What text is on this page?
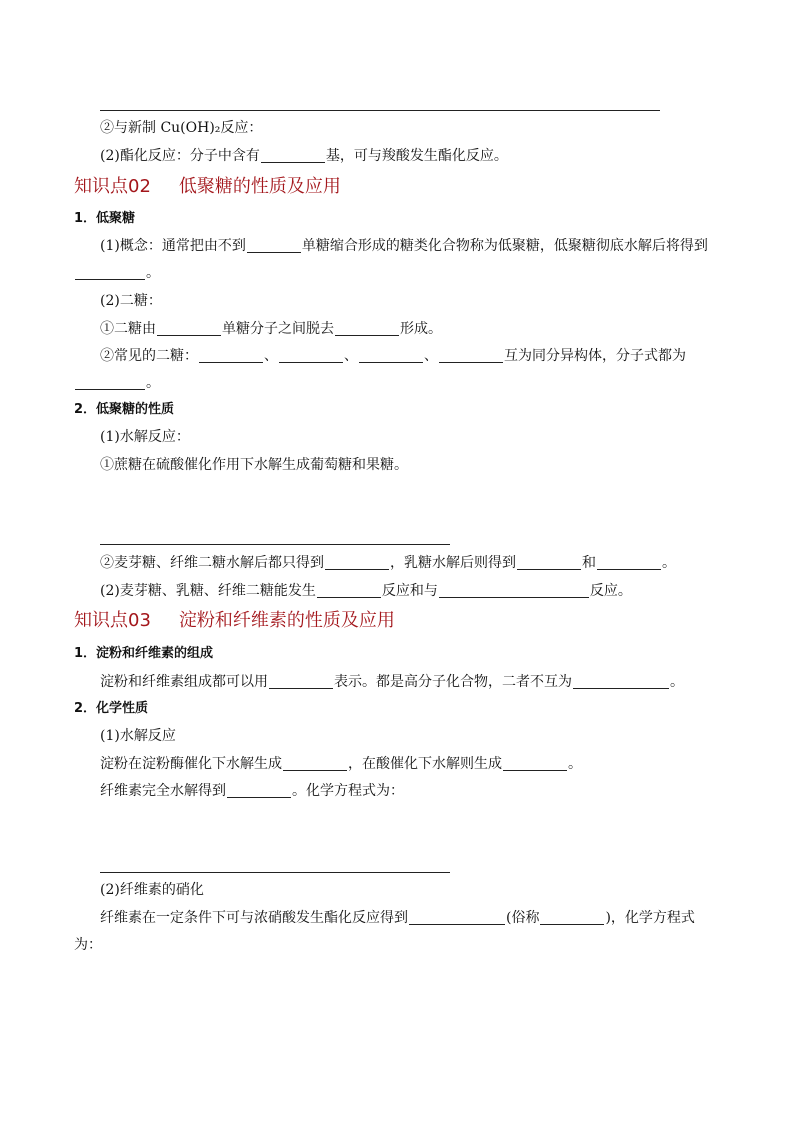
②与新制 Cu(OH)₂反应：
(2)酯化反应：分子中含有	基，可与羧酸发生酯化反应。
知识点02 低聚糖的性质及应用
1．低聚糖
(1)概念：通常把由不到	单糖缩合形成的糖类化合物称为低聚糖，低聚糖彻底水解后将得到
。
(2)二糖：
①二糖由	单糖分子之间脱去	形成。
②常见的二糖：	、	、	、	互为同分异构体，分子式都为
。
2．低聚糖的性质
(1)水解反应：
①蔗糖在硫酸催化作用下水解生成葡萄糖和果糖。
②麦芽糖、纤维二糖水解后都只得到	，乳糖水解后则得到	和	。
(2)麦芽糖、乳糖、纤维二糖能发生	反应和与	反应。
知识点03 淀粉和纤维素的性质及应用
1．淀粉和纤维素的组成
淀粉和纤维素组成都可以用	表示。都是高分子化合物，二者不互为	。
2．化学性质
(1)水解反应
淀粉在淀粉酶催化下水解生成	，在酸催化下水解则生成	。
纤维素完全水解得到	。化学方程式为：
(2)纤维素的硝化
纤维素在一定条件下可与浓硝酸发生酯化反应得到	(俗称	)，化学方程式
为：
